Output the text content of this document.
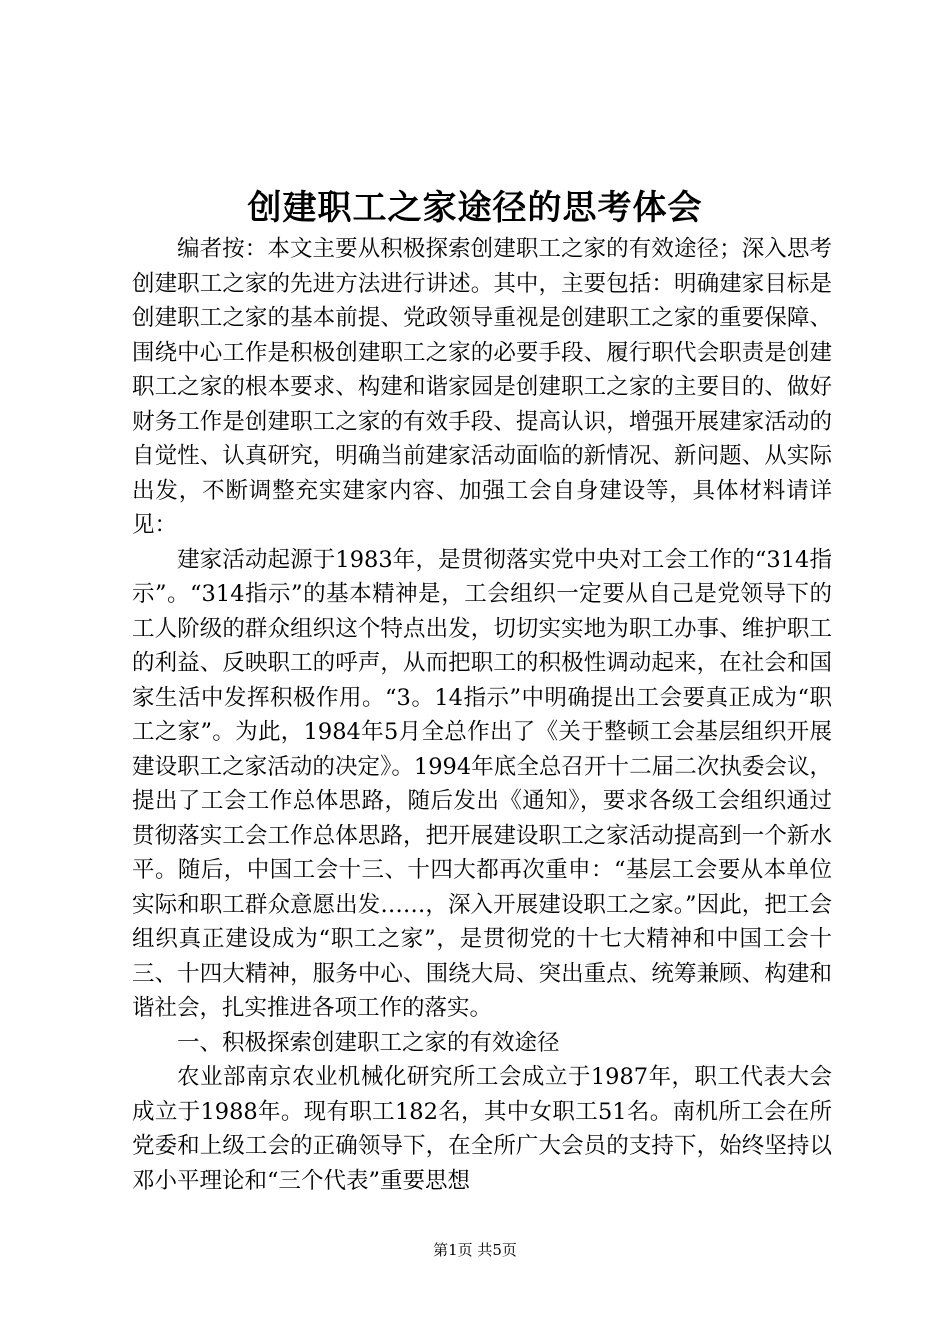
创建职工之家途径的思考体会

编者按：本文主要从积极探索创建职工之家的有效途径；深入思考创建职工之家的先进方法进行讲述。其中，主要包括：明确建家目标是创建职工之家的基本前提、党政领导重视是创建职工之家的重要保障、围绕中心工作是积极创建职工之家的必要手段、履行职代会职责是创建职工之家的根本要求、构建和谐家园是创建职工之家的主要目的、做好财务工作是创建职工之家的有效手段、提高认识，增强开展建家活动的自觉性、认真研究，明确当前建家活动面临的新情况、新问题、从实际出发，不断调整充实建家内容、加强工会自身建设等，具体材料请详见：

建家活动起源于1983年，是贯彻落实党中央对工会工作的“314指示”。“314指示”的基本精神是，工会组织一定要从自己是党领导下的工人阶级的群众组织这个特点出发，切切实实地为职工办事、维护职工的利益、反映职工的呼声，从而把职工的积极性调动起来，在社会和国家生活中发挥积极作用。“3。14指示”中明确提出工会要真正成为“职工之家”。为此，1984年5月全总作出了《关于整顿工会基层组织开展建设职工之家活动的决定》。1994年底全总召开十二届二次执委会议，提出了工会工作总体思路，随后发出《通知》，要求各级工会组织通过贯彻落实工会工作总体思路，把开展建设职工之家活动提高到一个新水平。随后，中国工会十三、十四大都再次重申：“基层工会要从本单位实际和职工群众意愿出发……，深入开展建设职工之家。”因此，把工会组织真正建设成为“职工之家”，是贯彻党的十七大精神和中国工会十三、十四大精神，服务中心、围绕大局、突出重点、统筹兼顾、构建和谐社会，扎实推进各项工作的落实。

一、积极探索创建职工之家的有效途径

农业部南京农业机械化研究所工会成立于1987年，职工代表大会成立于1988年。现有职工182名，其中女职工51名。南机所工会在所党委和上级工会的正确领导下，在全所广大会员的支持下，始终坚持以邓小平理论和“三个代表”重要思想

第1页 共5页
